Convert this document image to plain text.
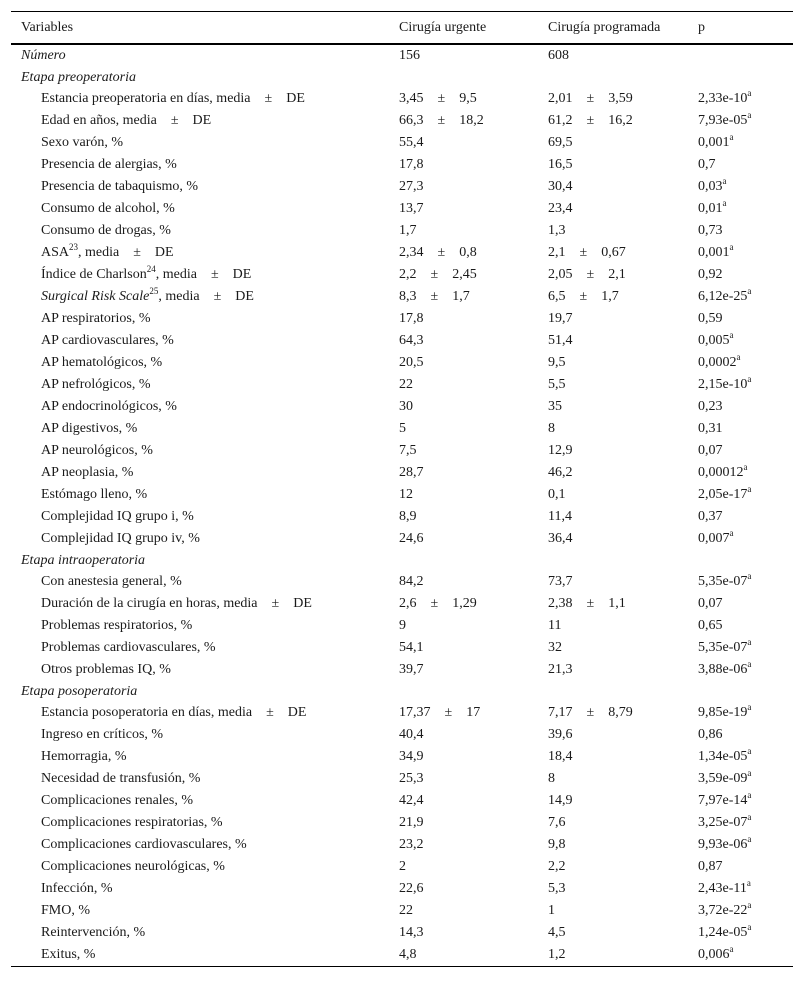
Variables	Cirugía urgente	Cirugía programada	p
Número	156	608
Etapa preoperatoria
Estancia preoperatoria en días, media ± DE	3,45 ± 9,5	2,01 ± 3,59	2,33e-10$^a$
Edad en años, media ± DE	66,3 ± 18,2	61,2 ± 16,2	7,93e-05$^a$
Sexo varón, %	55,4	69,5	0,001$^a$
Presencia de alergias, %	17,8	16,5	0,7
Presencia de tabaquismo, %	27,3	30,4	0,03$^a$
Consumo de alcohol, %	13,7	23,4	0,01$^a$
Consumo de drogas, %	1,7	1,3	0,73
ASA$^{23}$, media ± DE	2,34 ± 0,8	2,1 ± 0,67	0,001$^a$
Índice de Charlson$^{24}$, media ± DE	2,2 ± 2,45	2,05 ± 2,1	0,92
Surgical Risk Scale$^{25}$, media ± DE	8,3 ± 1,7	6,5 ± 1,7	6,12e-25$^a$
AP respiratorios, %	17,8	19,7	0,59
AP cardiovasculares, %	64,3	51,4	0,005$^a$
AP hematológicos, %	20,5	9,5	0,0002$^a$
AP nefrológicos, %	22	5,5	2,15e-10$^a$
AP endocrinológicos, %	30	35	0,23
AP digestivos, %	5	8	0,31
AP neurológicos, %	7,5	12,9	0,07
AP neoplasia, %	28,7	46,2	0,00012$^a$
Estómago lleno, %	12	0,1	2,05e-17$^a$
Complejidad IQ grupo i, %	8,9	11,4	0,37
Complejidad IQ grupo iv, %	24,6	36,4	0,007$^a$
Etapa intraoperatoria
Con anestesia general, %	84,2	73,7	5,35e-07$^a$
Duración de la cirugía en horas, media ± DE	2,6 ± 1,29	2,38 ± 1,1	0,07
Problemas respiratorios, %	9	11	0,65
Problemas cardiovasculares, %	54,1	32	5,35e-07$^a$
Otros problemas IQ, %	39,7	21,3	3,88e-06$^a$
Etapa posoperatoria
Estancia posoperatoria en días, media ± DE	17,37 ± 17	7,17 ± 8,79	9,85e-19$^a$
Ingreso en críticos, %	40,4	39,6	0,86
Hemorragia, %	34,9	18,4	1,34e-05$^a$
Necesidad de transfusión, %	25,3	8	3,59e-09$^a$
Complicaciones renales, %	42,4	14,9	7,97e-14$^a$
Complicaciones respiratorias, %	21,9	7,6	3,25e-07$^a$
Complicaciones cardiovasculares, %	23,2	9,8	9,93e-06$^a$
Complicaciones neurológicas, %	2	2,2	0,87
Infección, %	22,6	5,3	2,43e-11$^a$
FMO, %	22	1	3,72e-22$^a$
Reintervención, %	14,3	4,5	1,24e-05$^a$
Exitus, %	4,8	1,2	0,006$^a$
